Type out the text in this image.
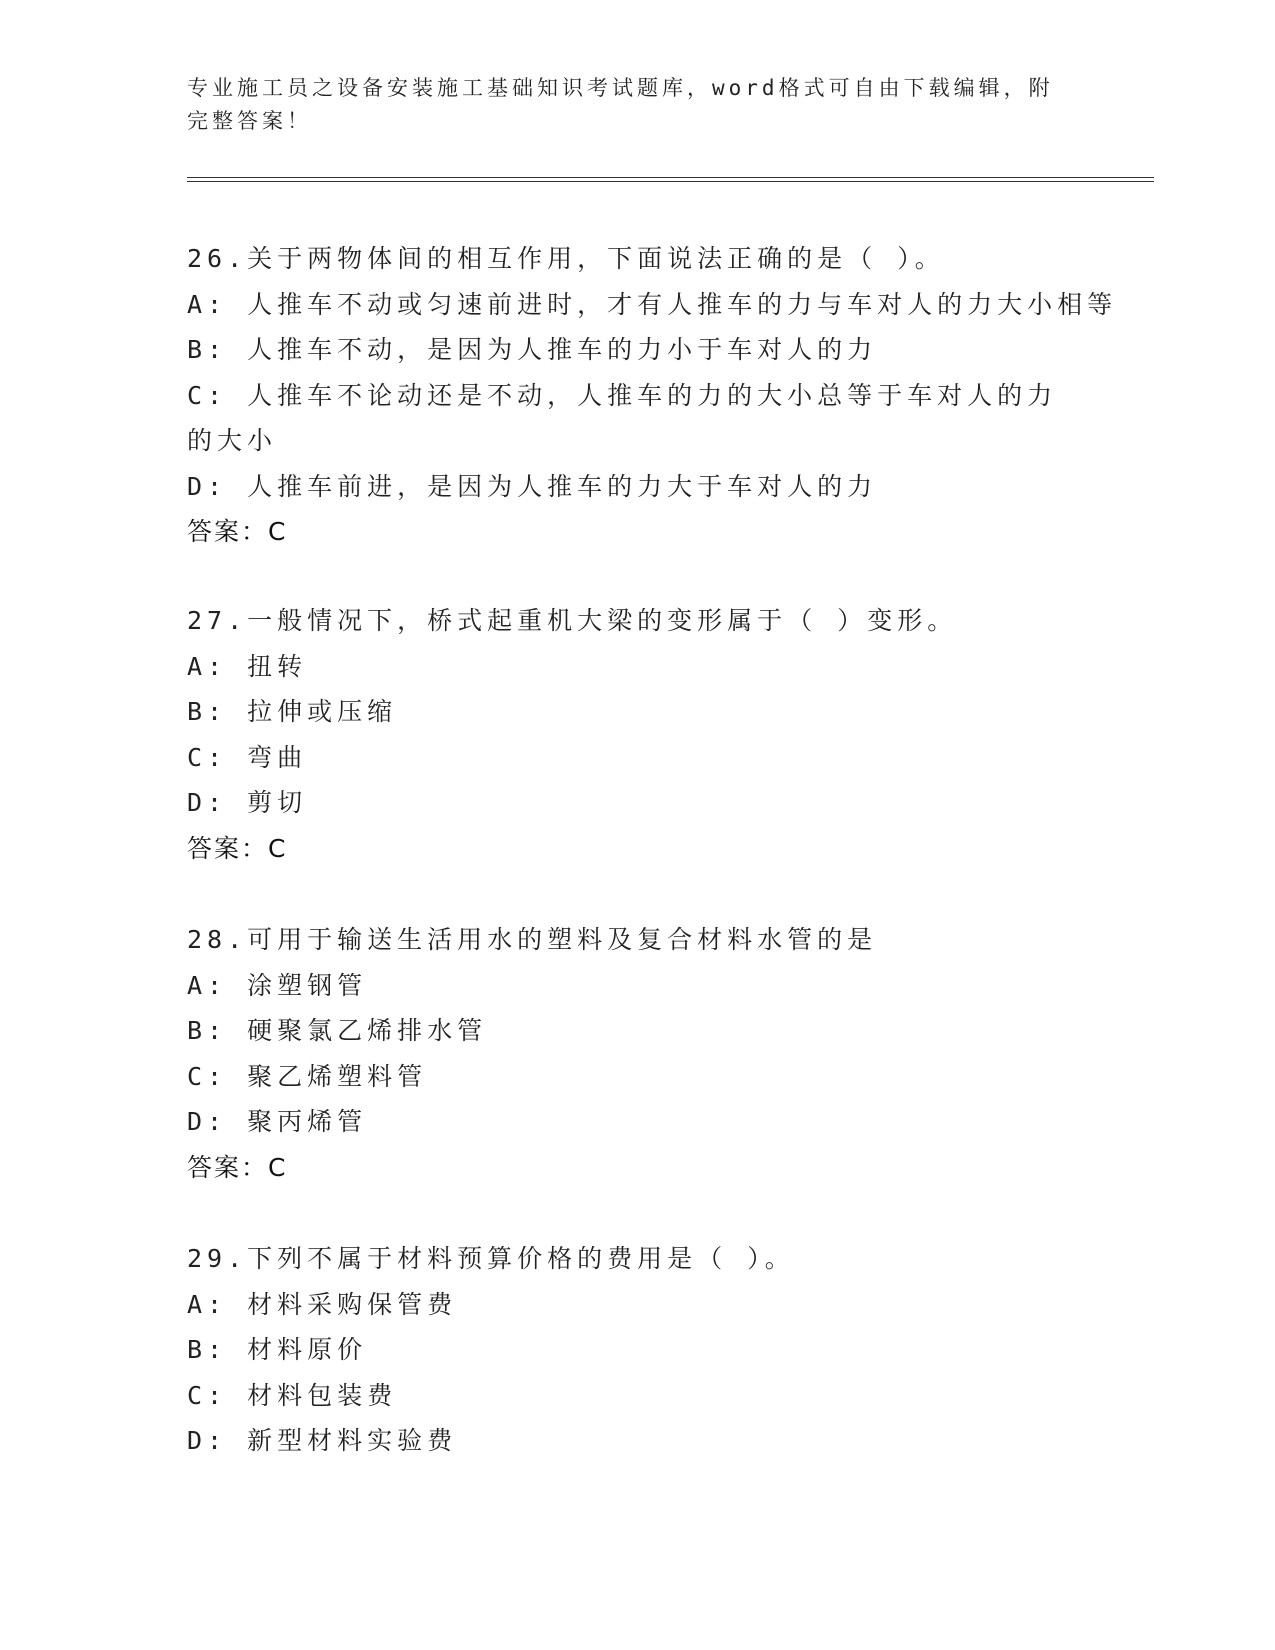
专业施工员之设备安装施工基础知识考试题库，word格式可自由下载编辑，附完整答案！
26.关于两物体间的相互作用，下面说法正确的是（ ）。
A: 人推车不动或匀速前进时，才有人推车的力与车对人的力大小相等
B: 人推车不动，是因为人推车的力小于车对人的力
C: 人推车不论动还是不动，人推车的力的大小总等于车对人的力的大小
D: 人推车前进，是因为人推车的力大于车对人的力
答案：C
27.一般情况下，桥式起重机大梁的变形属于（ ）变形。
A: 扭转
B: 拉伸或压缩
C: 弯曲
D: 剪切
答案：C
28.可用于输送生活用水的塑料及复合材料水管的是
A: 涂塑钢管
B: 硬聚氯乙烯排水管
C: 聚乙烯塑料管
D: 聚丙烯管
答案：C
29.下列不属于材料预算价格的费用是（ ）。
A: 材料采购保管费
B: 材料原价
C: 材料包装费
D: 新型材料实验费
